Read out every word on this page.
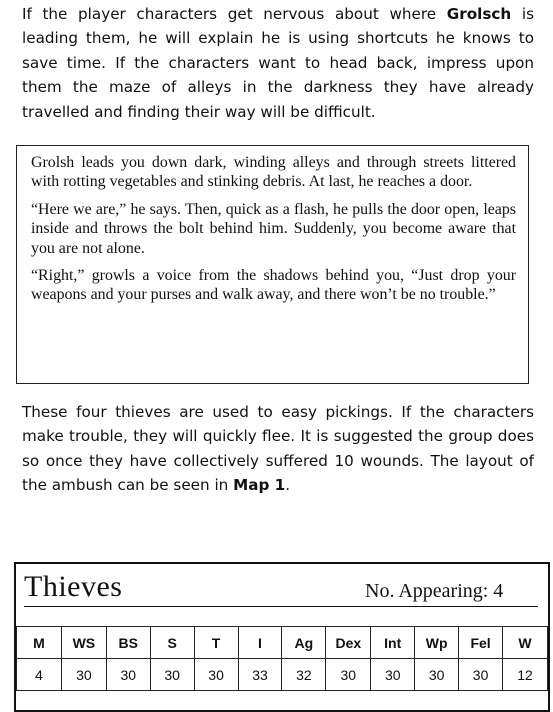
If the player characters get nervous about where Grolsch is leading them, he will explain he is using shortcuts he knows to save time. If the characters want to head back, impress upon them the maze of alleys in the darkness they have already travelled and finding their way will be difficult.

Grolsh leads you down dark, winding alleys and through streets littered with rotting vegetables and stinking debris. At last, he reaches a door.

“Here we are,” he says. Then, quick as a flash, he pulls the door open, leaps inside and throws the bolt behind him. Suddenly, you become aware that you are not alone.

“Right,” growls a voice from the shadows behind you, “Just drop your weapons and your purses and walk away, and there won’t be no trouble.”

These four thieves are used to easy pickings. If the characters make trouble, they will quickly flee. It is suggested the group does so once they have collectively suffered 10 wounds. The layout of the ambush can be seen in Map 1.

Thieves	No. Appearing: 4
M	WS	BS	S	T	I	Ag	Dex	Int	Wp	Fel	W
4	30	30	30	30	33	32	30	30	30	30	12
